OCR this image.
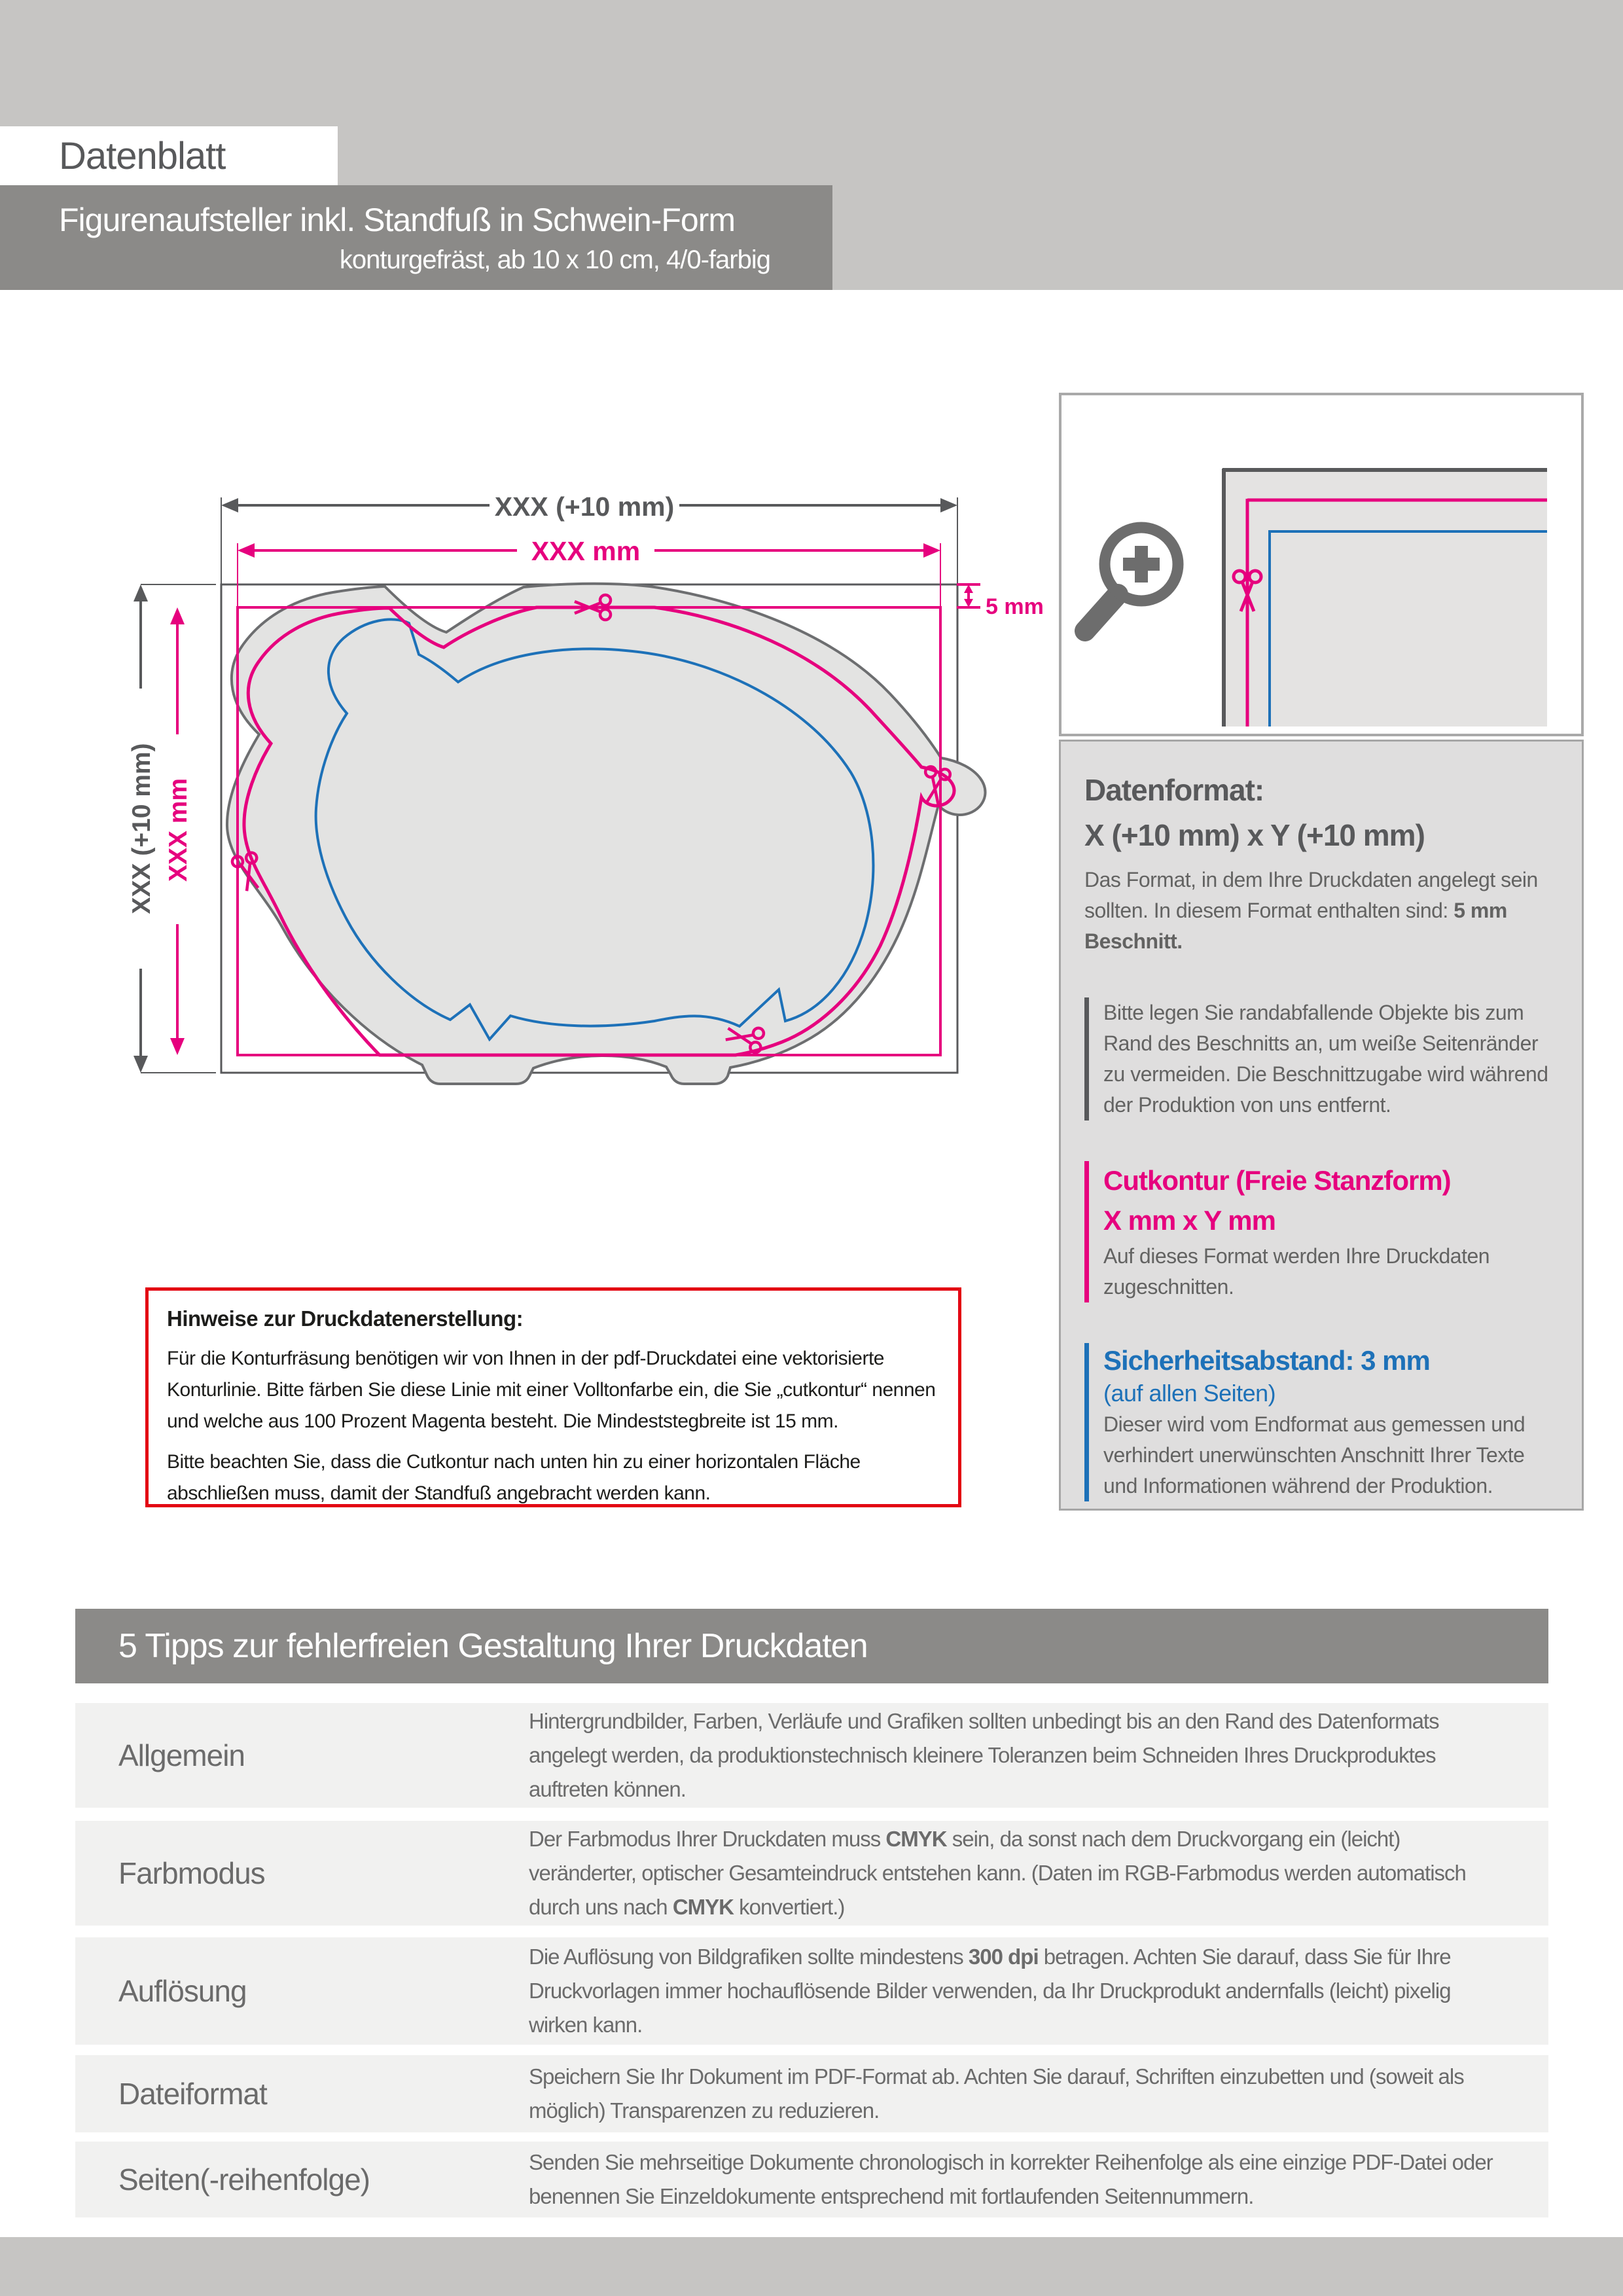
Datenblatt
Figurenaufsteller inkl. Standfuß in Schwein-Form
konturgefräst, ab 10 x 10 cm, 4/0-farbig
XXX (+10 mm)
XXX mm
XXX (+10 mm) XXX mm
5 mm
Datenformat:
X (+10 mm) x Y (+10 mm)

Das Format, in dem Ihre Druckdaten angelegt sein sollten. In diesem Format enthalten sind: 5 mm Beschnitt.

Bitte legen Sie randabfallende Objekte bis zum Rand des Beschnitts an, um weiße Seitenränder zu vermeiden. Die Beschnittzugabe wird während der Produktion von uns entfernt.

Cutkontur (Freie Stanzform)
X mm x Y mm

Auf dieses Format werden Ihre Druckdaten zugeschnitten.

Sicherheitsabstand: 3 mm
(auf allen Seiten)

Dieser wird vom Endformat aus gemessen und verhindert unerwünschten Anschnitt Ihrer Texte und Informationen während der Produktion.

Hinweise zur Druckdatenerstellung:

Für die Konturfräsung benötigen wir von Ihnen in der pdf-Druckdatei eine vektorisierte Konturlinie. Bitte färben Sie diese Linie mit einer Volltonfarbe ein, die Sie „cutkontur“ nennen und welche aus 100 Prozent Magenta besteht. Die Mindeststegbreite ist 15 mm.

Bitte beachten Sie, dass die Cutkontur nach unten hin zu einer horizontalen Fläche abschließen muss, damit der Standfuß angebracht werden kann.

5 Tipps zur fehlerfreien Gestaltung Ihrer Druckdaten
Allgemein
Hintergrundbilder, Farben, Verläufe und Grafiken sollten unbedingt bis an den Rand des Datenformats angelegt werden, da produktionstechnisch kleinere Toleranzen beim Schneiden Ihres Druckproduktes auftreten können.
Farbmodus
Der Farbmodus Ihrer Druckdaten muss CMYK sein, da sonst nach dem Druckvorgang ein (leicht) veränderter, optischer Gesamteindruck entstehen kann. (Daten im RGB-Farbmodus werden automatisch durch uns nach CMYK konvertiert.)
Auflösung
Die Auflösung von Bildgrafiken sollte mindestens 300 dpi betragen. Achten Sie darauf, dass Sie für Ihre Druckvorlagen immer hochauflösende Bilder verwenden, da Ihr Druckprodukt andernfalls (leicht) pixelig wirken kann.
Dateiformat
Speichern Sie Ihr Dokument im PDF-Format ab. Achten Sie darauf, Schriften einzubetten und (soweit als möglich) Transparenzen zu reduzieren.
Seiten(-reihenfolge)
Senden Sie mehrseitige Dokumente chronologisch in korrekter Reihenfolge als eine einzige PDF-Datei oder benennen Sie Einzeldokumente entsprechend mit fortlaufenden Seitennummern.
